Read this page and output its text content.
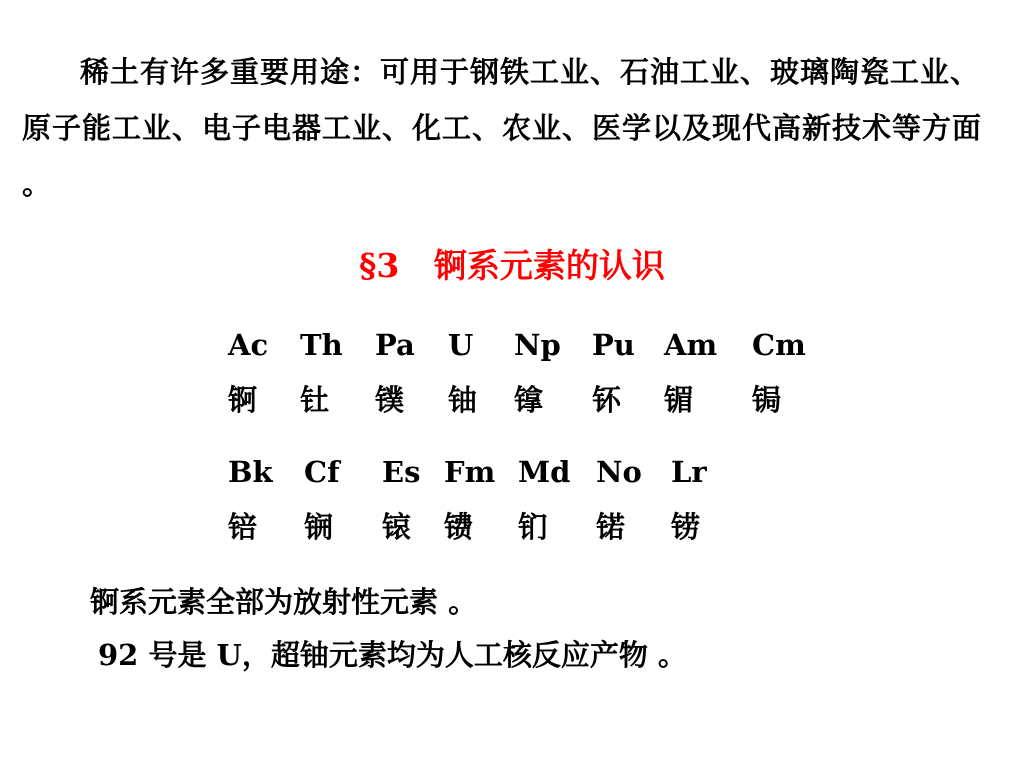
稀土有许多重要用途：可用于钢铁工业、石油工业、玻璃陶瓷工业、原子能工业、电子电器工业、化工、农业、医学以及现代高新技术等方面 。

§3   锕系元素的认识
Ac Th Pa U Np Pu Am Cm
锕 钍 镤 铀 镎 钚 镅 锔
Bk Cf Es Fm Md No Lr
锫 锎 锿 镄 钔 锘 铹

锕系元素全部为放射性元素 。

92 号是 U，超铀元素均为人工核反应产物 。
